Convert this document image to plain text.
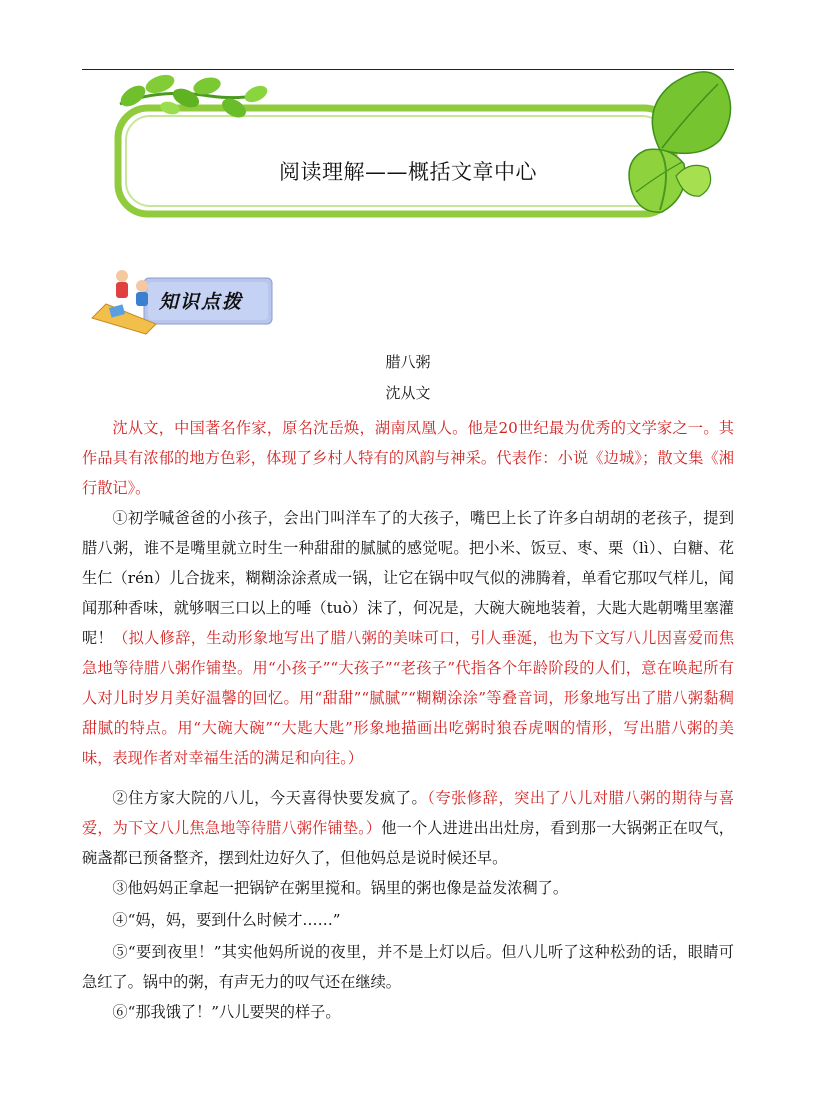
阅读理解——概括文章中心
知识点拨
腊八粥
沈从文

沈从文，中国著名作家，原名沈岳焕，湖南凤凰人。他是20世纪最为优秀的文学家之一。其作品具有浓郁的地方色彩，体现了乡村人特有的风韵与神采。代表作：小说《边城》；散文集《湘行散记》。

①初学喊爸爸的小孩子，会出门叫洋车了的大孩子，嘴巴上长了许多白胡胡的老孩子，提到腊八粥，谁不是嘴里就立时生一种甜甜的腻腻的感觉呢。把小米、饭豆、枣、栗（lì）、白糖、花生仁（rén）儿合拢来，糊糊涂涂煮成一锅，让它在锅中叹气似的沸腾着，单看它那叹气样儿，闻闻那种香味，就够咽三口以上的唾（tuò）沫了，何况是，大碗大碗地装着，大匙大匙朝嘴里塞灌呢！（拟人修辞，生动形象地写出了腊八粥的美味可口，引人垂涎，也为下文写八儿因喜爱而焦急地等待腊八粥作铺垫。用“小孩子”“大孩子”“老孩子”代指各个年龄阶段的人们，意在唤起所有人对儿时岁月美好温馨的回忆。用“甜甜”“腻腻”“糊糊涂涂”等叠音词，形象地写出了腊八粥黏稠甜腻的特点。用“大碗大碗”“大匙大匙”形象地描画出吃粥时狼吞虎咽的情形，写出腊八粥的美味，表现作者对幸福生活的满足和向往。）

②住方家大院的八儿，今天喜得快要发疯了。（夸张修辞，突出了八儿对腊八粥的期待与喜爱，为下文八儿焦急地等待腊八粥作铺垫。）他一个人进进出出灶房，看到那一大锅粥正在叹气，碗盏都已预备整齐，摆到灶边好久了，但他妈总是说时候还早。

③他妈妈正拿起一把锅铲在粥里搅和。锅里的粥也像是益发浓稠了。

④“妈，妈，要到什么时候才……”

⑤“要到夜里！”其实他妈所说的夜里，并不是上灯以后。但八儿听了这种松劲的话，眼睛可急红了。锅中的粥，有声无力的叹气还在继续。

⑥“那我饿了！”八儿要哭的样子。
